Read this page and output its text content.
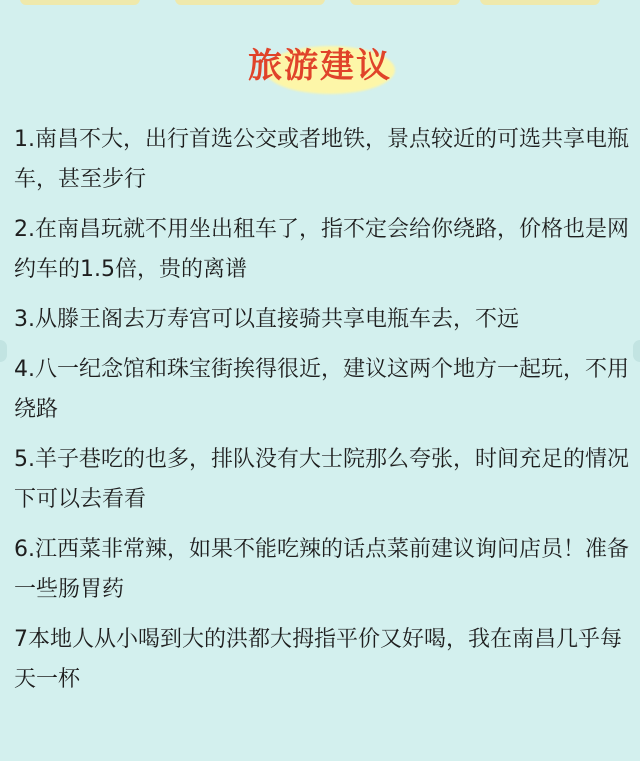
旅游建议
1.南昌不大，出行首选公交或者地铁，景点较近的可选共享电瓶车，甚至步行
2.在南昌玩就不用坐出租车了，指不定会给你绕路，价格也是网约车的1.5倍，贵的离谱
3.从滕王阁去万寿宫可以直接骑共享电瓶车去，不远
4.八一纪念馆和珠宝街挨得很近，建议这两个地方一起玩，不用绕路
5.羊子巷吃的也多，排队没有大士院那么夸张，时间充足的情况下可以去看看
6.江西菜非常辣，如果不能吃辣的话点菜前建议询问店员！准备一些肠胃药
7本地人从小喝到大的洪都大拇指平价又好喝，我在南昌几乎每天一杯
